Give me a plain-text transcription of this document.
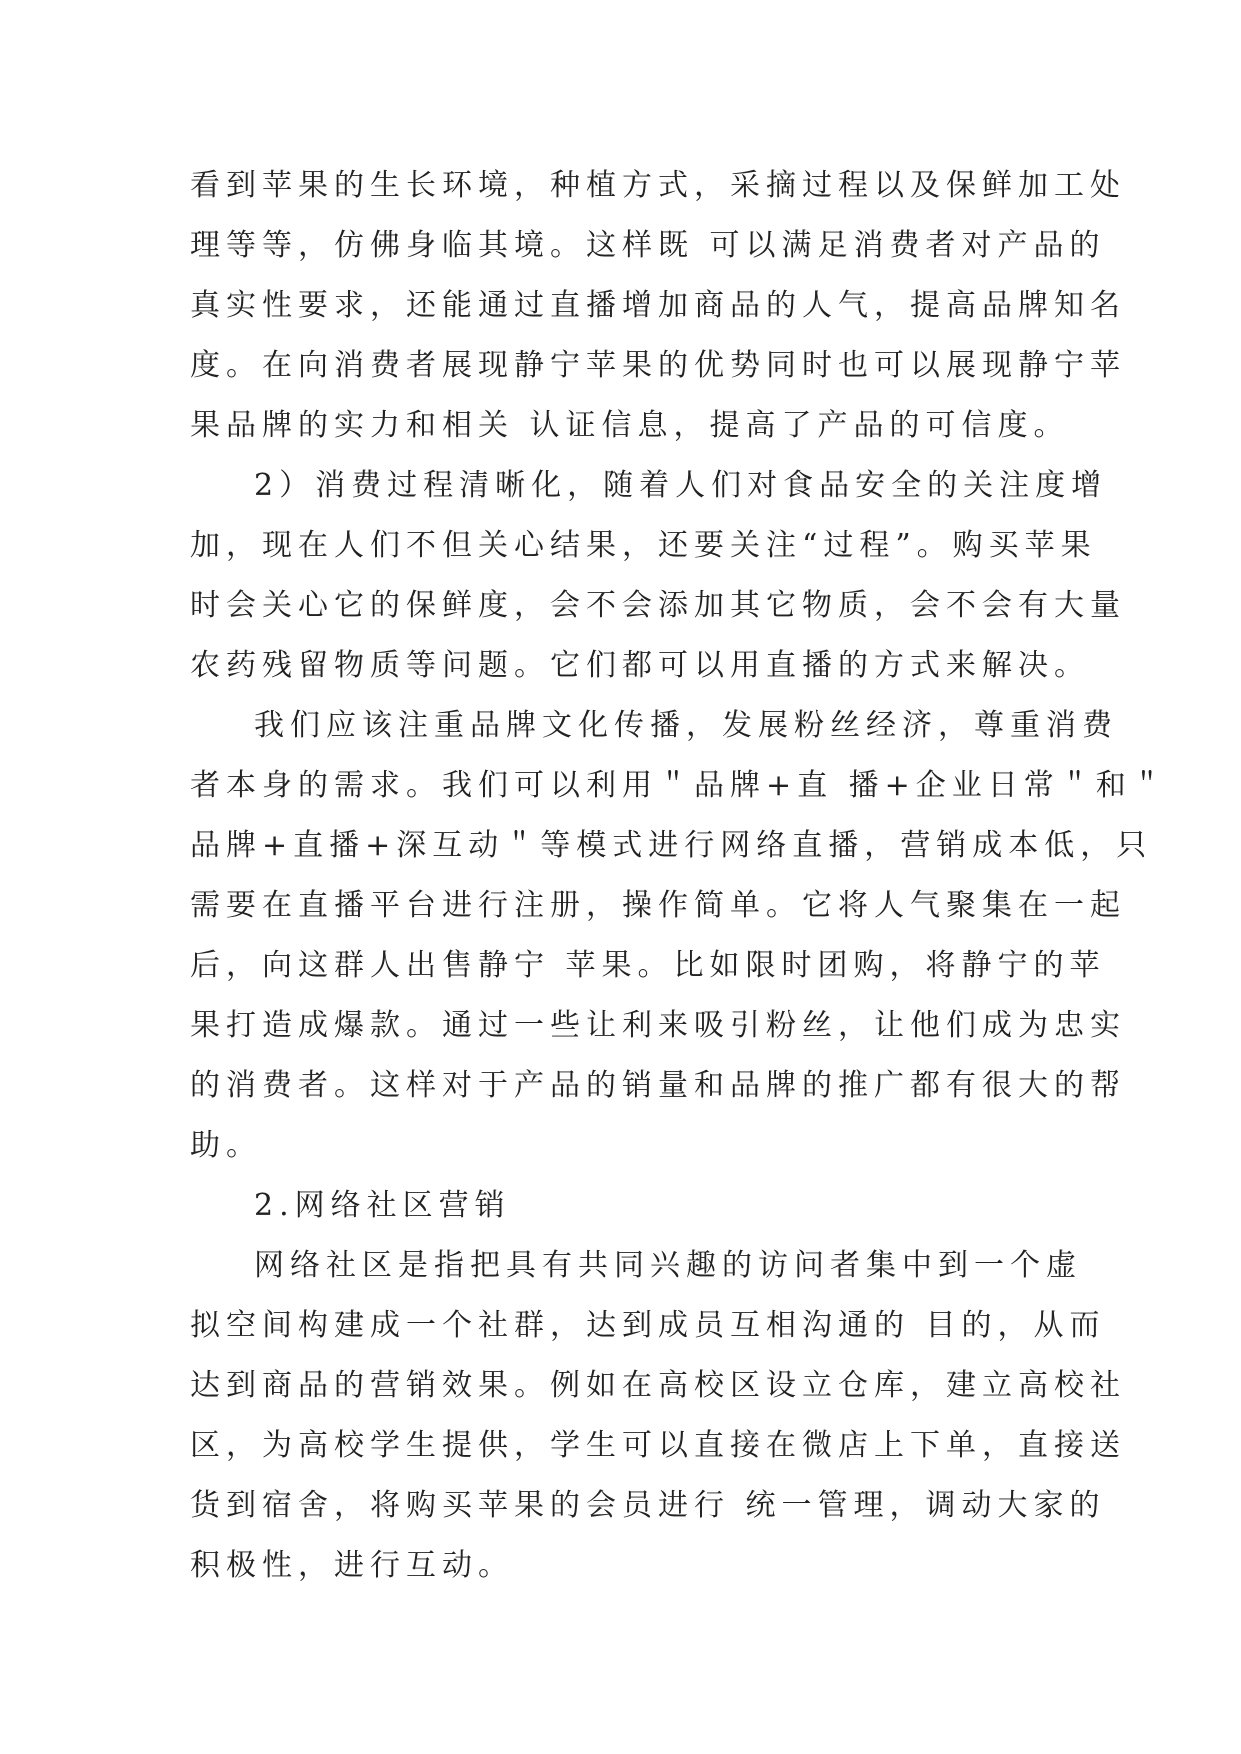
看到苹果的生长环境，种植方式，采摘过程以及保鲜加工处
理等等，仿佛身临其境。这样既 可以满足消费者对产品的
真实性要求，还能通过直播增加商品的人气，提高品牌知名
度。在向消费者展现静宁苹果的优势同时也可以展现静宁苹
果品牌的实力和相关 认证信息，提高了产品的可信度。
2）消费过程清晰化，随着人们对食品安全的关注度增
加，现在人们不但关心结果，还要关注“过程”。购买苹果
时会关心它的保鲜度，会不会添加其它物质，会不会有大量
农药残留物质等问题。它们都可以用直播的方式来解决。
我们应该注重品牌文化传播，发展粉丝经济，尊重消费
者本身的需求。我们可以利用＂品牌+直 播+企业日常＂和＂
品牌+直播+深互动＂等模式进行网络直播，营销成本低，只
需要在直播平台进行注册，操作简单。它将人气聚集在一起
后，向这群人出售静宁 苹果。比如限时团购，将静宁的苹
果打造成爆款。通过一些让利来吸引粉丝，让他们成为忠实
的消费者。这样对于产品的销量和品牌的推广都有很大的帮
助。
2.网络社区营销
网络社区是指把具有共同兴趣的访问者集中到一个虚
拟空间构建成一个社群，达到成员互相沟通的 目的，从而
达到商品的营销效果。例如在高校区设立仓库，建立高校社
区，为高校学生提供，学生可以直接在微店上下单，直接送
货到宿舍，将购买苹果的会员进行 统一管理，调动大家的
积极性，进行互动。
